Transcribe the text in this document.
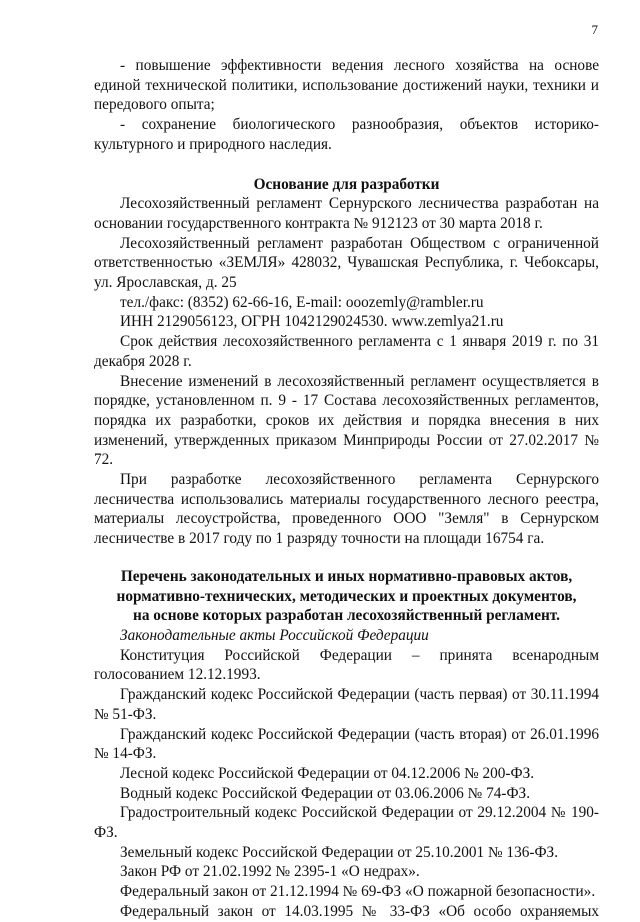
7

- повышение эффективности ведения лесного хозяйства на основе единой технической политики, использование достижений науки, техники и передового опыта;

- сохранение биологического разнообразия, объектов историко-культурного и природного наследия.

Основание для разработки

Лесохозяйственный регламент Сернурского лесничества разработан на основании государственного контракта № 912123 от 30 марта 2018 г.

Лесохозяйственный регламент разработан Обществом с ограниченной ответственностью «ЗЕМЛЯ» 428032, Чувашская Республика, г. Чебоксары, ул. Ярославская, д. 25

тел./факс: (8352) 62-66-16, E-mail: ooozemly@rambler.ru

ИНН 2129056123, ОГРН 1042129024530. www.zemlya21.ru

Срок действия лесохозяйственного регламента с 1 января 2019 г. по 31 декабря 2028 г.

Внесение изменений в лесохозяйственный регламент осуществляется в порядке, установленном п. 9 - 17 Состава лесохозяйственных регламентов, порядка их разработки, сроков их действия и порядка внесения в них изменений, утвержденных приказом Минприроды России от 27.02.2017 № 72.

При разработке лесохозяйственного регламента Сернурского лесничества использовались материалы государственного лесного реестра, материалы лесоустройства, проведенного ООО "Земля" в Сернурском лесничестве в 2017 году по 1 разряду точности на площади 16754 га.

Перечень законодательных и иных нормативно-правовых актов, нормативно-технических, методических и проектных документов, на основе которых разработан лесохозяйственный регламент.

Законодательные акты Российской Федерации

Конституция Российской Федерации – принята всенародным голосованием 12.12.1993.

Гражданский кодекс Российской Федерации (часть первая) от 30.11.1994 № 51-ФЗ.

Гражданский кодекс Российской Федерации (часть вторая) от 26.01.1996 № 14-ФЗ.

Лесной кодекс Российской Федерации от 04.12.2006 № 200-ФЗ.

Водный кодекс Российской Федерации от 03.06.2006 № 74-ФЗ.

Градостроительный кодекс Российской Федерации от 29.12.2004 № 190-ФЗ.

Земельный кодекс Российской Федерации от 25.10.2001 № 136-ФЗ.

Закон РФ от 21.02.1992 № 2395-1 «О недрах».

Федеральный закон от 21.12.1994 № 69-ФЗ «О пожарной безопасности».

Федеральный закон от 14.03.1995 № 33-ФЗ «Об особо охраняемых
